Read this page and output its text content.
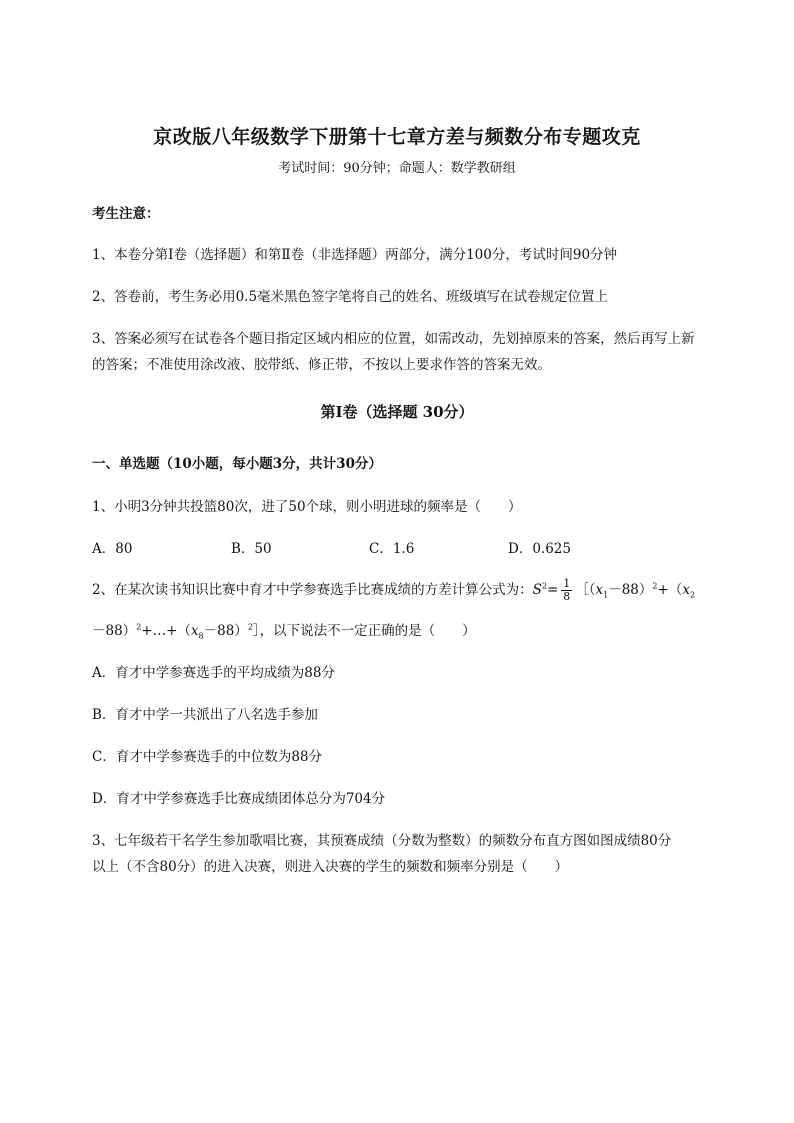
京改版八年级数学下册第十七章方差与频数分布专题攻克
考试时间：90分钟；命题人：数学教研组
考生注意：
1、本卷分第I卷（选择题）和第Ⅱ卷（非选择题）两部分，满分100分，考试时间90分钟
2、答卷前，考生务必用0.5毫米黑色签字笔将自己的姓名、班级填写在试卷规定位置上
3、答案必须写在试卷各个题目指定区域内相应的位置，如需改动，先划掉原来的答案，然后再写上新
的答案；不准使用涂改液、胶带纸、修正带，不按以上要求作答的答案无效。
第I卷（选择题 30分）
一、单选题（10小题，每小题3分，共计30分）
1、小明3分钟共投篮80次，进了50个球，则小明进球的频率是（　　）
A．80	B．50	C．1.6	D．0.625
2、在某次读书知识比赛中育才中学参赛选手比赛成绩的方差计算公式为：$S^2= \frac{1}{8}$ $[(x_1-88)^2+(x_2$
$-88)^2+\dots+(x_8-88)^2]$，以下说法不一定正确的是（　　）
A．育才中学参赛选手的平均成绩为88分
B．育才中学一共派出了八名选手参加
C．育才中学参赛选手的中位数为88分
D．育才中学参赛选手比赛成绩团体总分为704分
3、七年级若干名学生参加歌唱比赛，其预赛成绩（分数为整数）的频数分布直方图如图成绩80分
以上（不含80分）的进入决赛，则进入决赛的学生的频数和频率分别是（　　）
